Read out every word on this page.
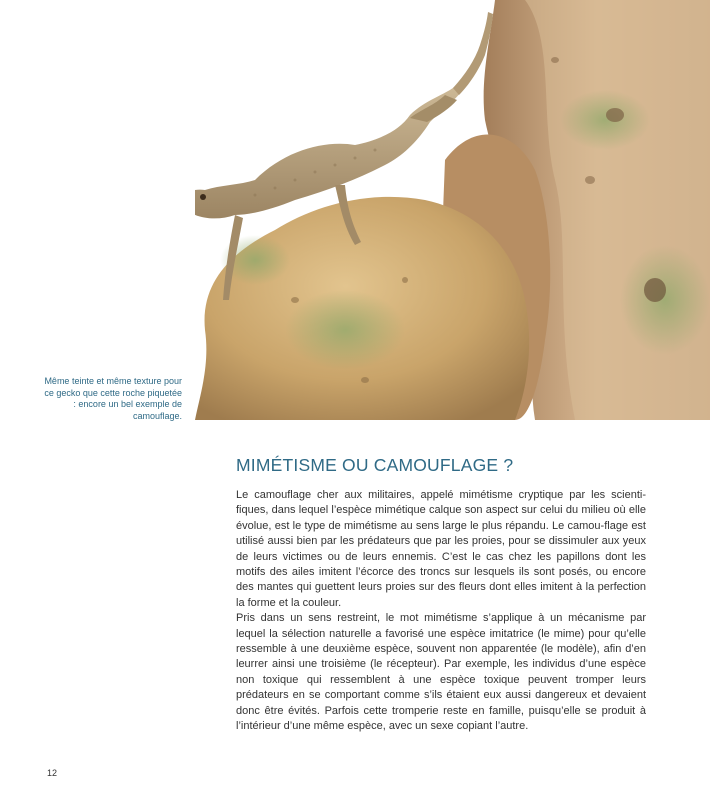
Même teinte et même texture pour ce gecko que cette roche piquetée : encore un bel exemple de camouflage.

MIMÉTISME OU CAMOUFLAGE ?

Le camouflage cher aux militaires, appelé mimétisme cryptique par les scienti-fiques, dans lequel l’espèce mimétique calque son aspect sur celui du milieu où elle évolue, est le type de mimétisme au sens large le plus répandu. Le camou-flage est utilisé aussi bien par les prédateurs que par les proies, pour se dissimuler aux yeux de leurs victimes ou de leurs ennemis. C’est le cas chez les papillons dont les motifs des ailes imitent l’écorce des troncs sur lesquels ils sont posés, ou encore des mantes qui guettent leurs proies sur des fleurs dont elles imitent à la perfection la forme et la couleur.

Pris dans un sens restreint, le mot mimétisme s’applique à un mécanisme par lequel la sélection naturelle a favorisé une espèce imitatrice (le mime) pour qu’elle ressemble à une deuxième espèce, souvent non apparentée (le modèle), afin d’en leurrer ainsi une troisième (le récepteur). Par exemple, les individus d’une espèce non toxique qui ressemblent à une espèce toxique peuvent tromper leurs prédateurs en se comportant comme s’ils étaient eux aussi dangereux et devaient donc être évités. Parfois cette tromperie reste en famille, puisqu’elle se produit à l’intérieur d’une même espèce, avec un sexe copiant l’autre.

12
